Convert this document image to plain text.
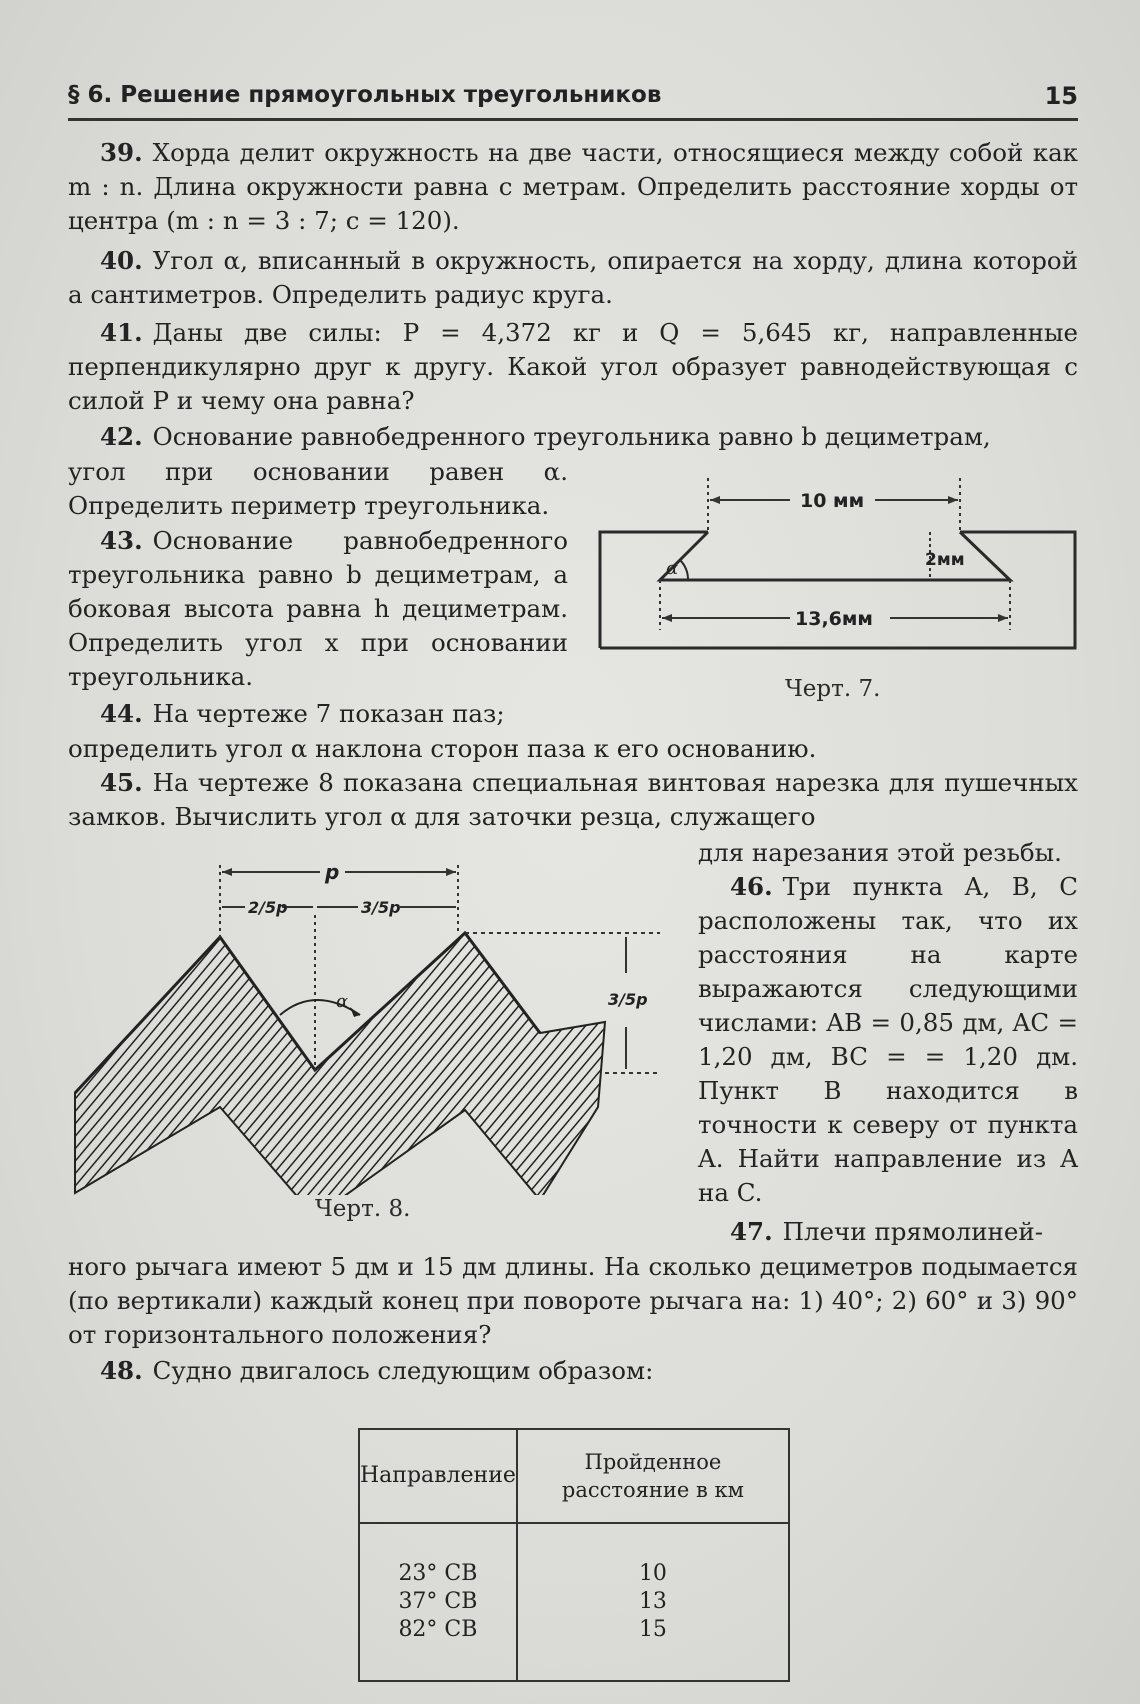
§ 6. Решение прямоугольных треугольников	15

39. Хорда делит окружность на две части, относящиеся между собой как m : n. Длина окружности равна c метрам. Определить расстояние хорды от центра (m : n = 3 : 7; c = 120).

40. Угол α, вписанный в окружность, опирается на хорду, длина которой a сантиметров. Определить радиус круга.

41. Даны две силы: P = 4,372 кг и Q = 5,645 кг, направленные перпендикулярно друг к другу. Какой угол образует равнодействующая с силой P и чему она равна?

42. Основание равнобедренного треугольника равно b дециметрам,

угол при основании равен α. Определить периметр треугольника.

43. Основание равнобедренного треугольника равно b дециметрам, а боковая высота равна h дециметрам. Определить угол x при основании треугольника.

44. На чертеже 7 показан паз;

определить угол α наклона сторон паза к его основанию.

45. На чертеже 8 показана специальная винтовая нарезка для пушечных замков. Вычислить угол α для заточки резца, служащего

для нарезания этой резьбы.

46. Три пункта A, B, C расположены так, что их расстояния на карте выражаются следующими числами: AB = 0,85 дм, AC = 1,20 дм, BC = = 1,20 дм. Пункт B находится в точности к северу от пункта A. Найти направление из A на C.

47. Плечи прямолиней-

ного рычага имеют 5 дм и 15 дм длины. На сколько дециметров подымается (по вертикали) каждый конец при повороте рычага на: 1) 40°; 2) 60° и 3) 90° от горизонтального положения?

48. Судно двигалось следующим образом:

α
10 мм
2мм
13,6мм
Черт. 7.
p
2/5p	3/5p
3/5p
α
Черт. 8.
Направление	Пройденное расстояние в км
23° СВ	10
37° СВ	13
82° СВ	15
